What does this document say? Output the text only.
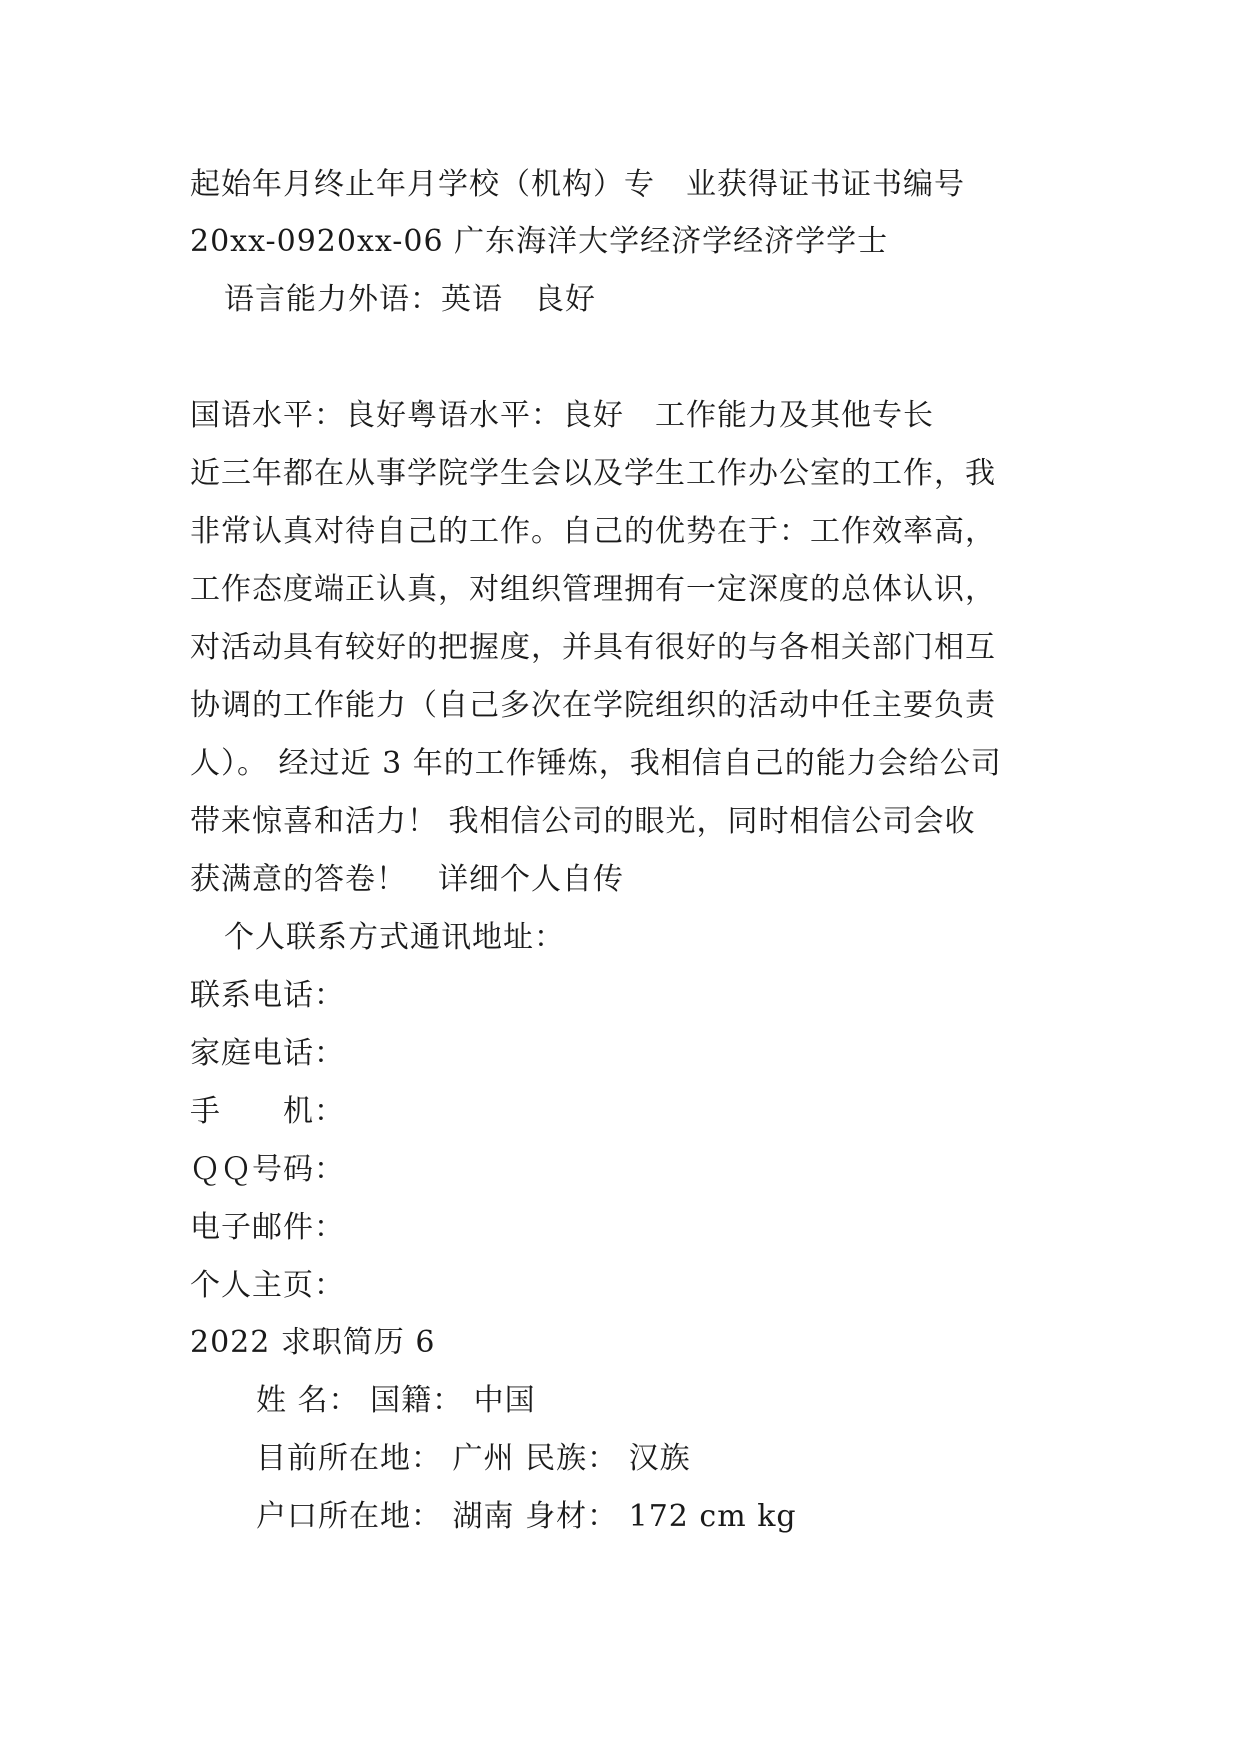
起始年月终止年月学校（机构）专　业获得证书证书编号
20xx-0920xx-06 广东海洋大学经济学经济学学士
语言能力外语：英语　良好
国语水平：良好粤语水平：良好　工作能力及其他专长
近三年都在从事学院学生会以及学生工作办公室的工作，我
非常认真对待自己的工作。自己的优势在于：工作效率高，
工作态度端正认真，对组织管理拥有一定深度的总体认识，
对活动具有较好的把握度，并具有很好的与各相关部门相互
协调的工作能力（自己多次在学院组织的活动中任主要负责
人）。 经过近 3 年的工作锤炼，我相信自己的能力会给公司
带来惊喜和活力！ 我相信公司的眼光，同时相信公司会收
获满意的答卷！　详细个人自传
个人联系方式通讯地址：
联系电话：
家庭电话：
手　　机：
ＱＱ号码：
电子邮件：
个人主页：
2022 求职简历 6
姓 名： 国籍： 中国
目前所在地： 广州 民族： 汉族
户口所在地： 湖南 身材： 172 cm kg
